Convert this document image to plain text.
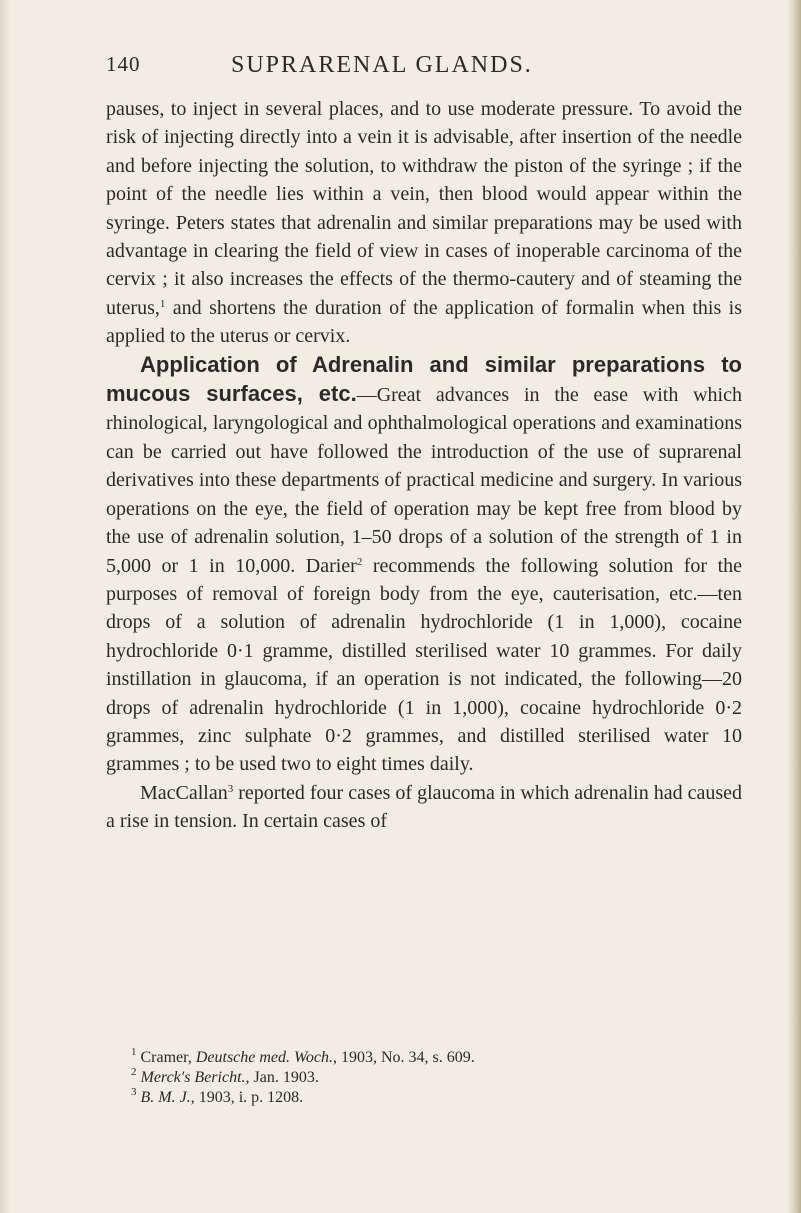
140	SUPRARENAL GLANDS.

pauses, to inject in several places, and to use moderate pressure. To avoid the risk of injecting directly into a vein it is advisable, after insertion of the needle and before injecting the solution, to withdraw the piston of the syringe ; if the point of the needle lies within a vein, then blood would appear within the syringe. Peters states that adrenalin and similar preparations may be used with advantage in clearing the field of view in cases of inoperable carcinoma of the cervix ; it also increases the effects of the thermo-cautery and of steaming the uterus,$^1$ and shortens the duration of the application of formalin when this is applied to the uterus or cervix.

Application of Adrenalin and similar preparations to mucous surfaces, etc.—Great advances in the ease with which rhinological, laryngological and ophthalmological operations and examinations can be carried out have followed the introduction of the use of suprarenal derivatives into these departments of practical medicine and surgery. In various operations on the eye, the field of operation may be kept free from blood by the use of adrenalin solution, 1–50 drops of a solution of the strength of 1 in 5,000 or 1 in 10,000. Darier$^2$ recommends the following solution for the purposes of removal of foreign body from the eye, cauterisation, etc.—ten drops of a solution of adrenalin hydrochloride (1 in 1,000), cocaine hydrochloride 0·1 gramme, distilled sterilised water 10 grammes. For daily instillation in glaucoma, if an operation is not indicated, the following—20 drops of adrenalin hydrochloride (1 in 1,000), cocaine hydrochloride 0·2 grammes, zinc sulphate 0·2 grammes, and distilled sterilised water 10 grammes ; to be used two to eight times daily.

MacCallan$^3$ reported four cases of glaucoma in which adrenalin had caused a rise in tension. In certain cases of

$^1$ Cramer, Deutsche med. Woch., 1903, No. 34, s. 609.
$^2$ Merck's Bericht., Jan. 1903.
$^3$ B. M. J., 1903, i. p. 1208.
